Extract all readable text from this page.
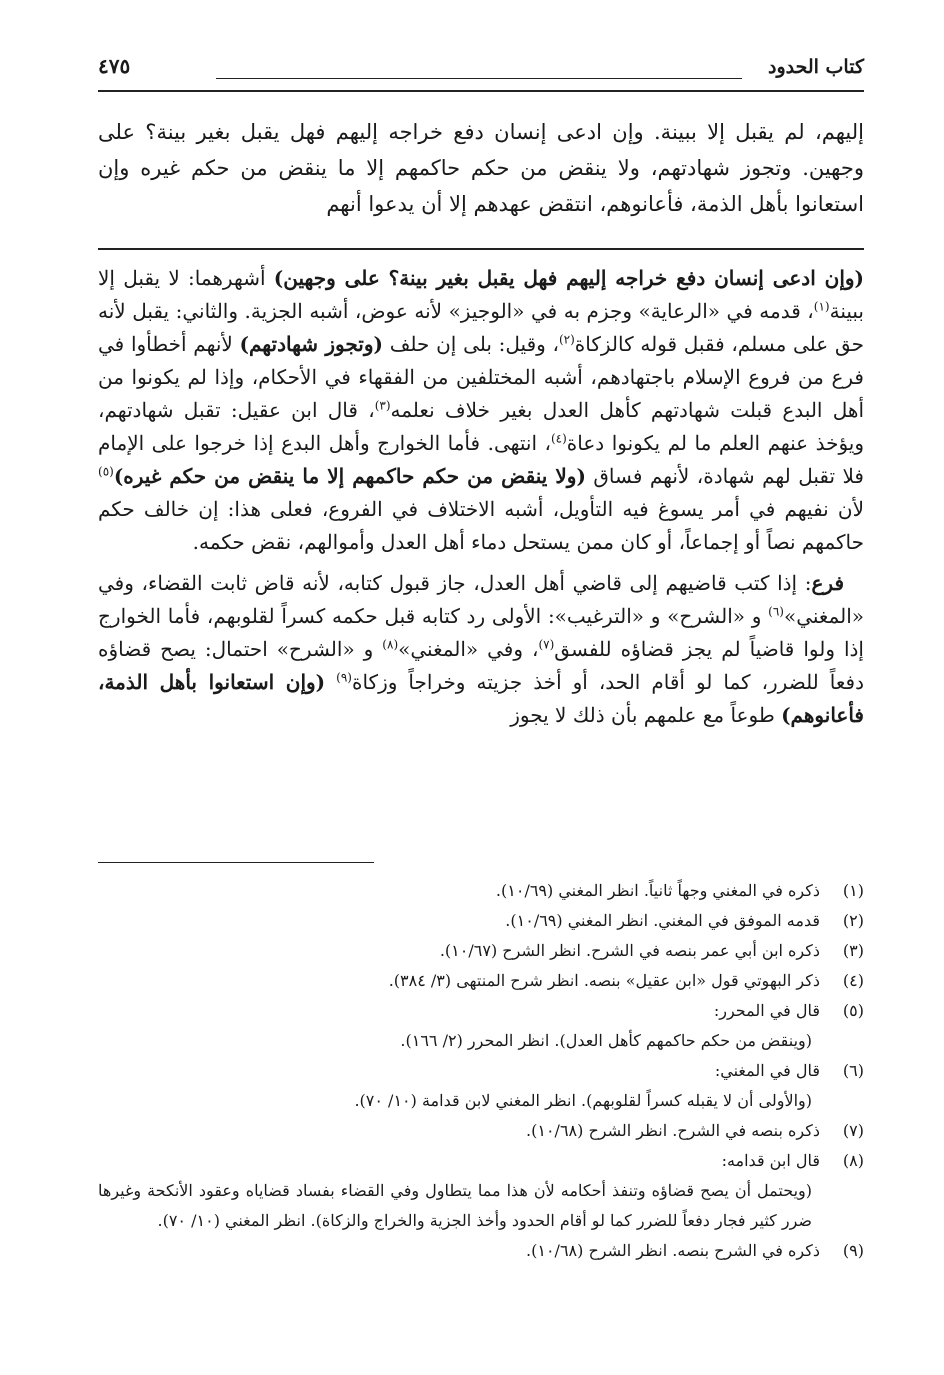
كتاب الحدود
٤٧٥
إليهم، لم يقبل إلا ببينة. وإن ادعى إنسان دفع خراجه إليهم فهل يقبل بغير بينة؟ على وجهين. وتجوز شهادتهم، ولا ينقض من حكم حاكمهم إلا ما ينقض من حكم غيره وإن استعانوا بأهل الذمة، فأعانوهم، انتقض عهدهم إلا أن يدعوا أنهم

(وإن ادعى إنسان دفع خراجه إليهم فهل يقبل بغير بينة؟ على وجهين) أشهرهما: لا يقبل إلا ببينة$^{(١)}$، قدمه في «الرعاية» وجزم به في «الوجيز» لأنه عوض، أشبه الجزية. والثاني: يقبل لأنه حق على مسلم، فقبل قوله كالزكاة$^{(٢)}$، وقيل: بلى إن حلف (وتجوز شهادتهم) لأنهم أخطأوا في فرع من فروع الإسلام باجتهادهم، أشبه المختلفين من الفقهاء في الأحكام، وإذا لم يكونوا من أهل البدع قبلت شهادتهم كأهل العدل بغير خلاف نعلمه$^{(٣)}$، قال ابن عقيل: تقبل شهادتهم، ويؤخذ عنهم العلم ما لم يكونوا دعاة$^{(٤)}$، انتهى. فأما الخوارج وأهل البدع إذا خرجوا على الإمام فلا تقبل لهم شهادة، لأنهم فساق (ولا ينقض من حكم حاكمهم إلا ما ينقض من حكم غيره)$^{(٥)}$ لأن نفيهم في أمر يسوغ فيه التأويل، أشبه الاختلاف في الفروع، فعلى هذا: إن خالف حكم حاكمهم نصاً أو إجماعاً، أو كان ممن يستحل دماء أهل العدل وأموالهم، نقض حكمه.

فرع: إذا كتب قاضيهم إلى قاضي أهل العدل، جاز قبول كتابه، لأنه قاض ثابت القضاء، وفي «المغني»$^{(٦)}$ و «الشرح» و «الترغيب»: الأولى رد كتابه قبل حكمه كسراً لقلوبهم، فأما الخوارج إذا ولوا قاضياً لم يجز قضاؤه للفسق$^{(٧)}$، وفي «المغني»$^{(٨)}$ و «الشرح» احتمال: يصح قضاؤه دفعاً للضرر، كما لو أقام الحد، أو أخذ جزيته وخراجاً وزكاة$^{(٩)}$ (وإن استعانوا بأهل الذمة، فأعانوهم) طوعاً مع علمهم بأن ذلك لا يجوز

(١)
ذكره في المغني وجهاً ثانياً. انظر المغني (١٠/٦٩).
(٢)
قدمه الموفق في المغني. انظر المغني (١٠/٦٩).
(٣)
ذكره ابن أبي عمر بنصه في الشرح. انظر الشرح (١٠/٦٧).
(٤)
ذكر البهوتي قول «ابن عقيل» بنصه. انظر شرح المنتهى (٣/ ٣٨٤).
(٥)
قال في المحرر:
(وينقض من حكم حاكمهم كأهل العدل). انظر المحرر (٢/ ١٦٦).
(٦)
قال في المغني:
(والأولى أن لا يقبله كسراً لقلوبهم). انظر المغني لابن قدامة (١٠/ ٧٠).
(٧)
ذكره بنصه في الشرح. انظر الشرح (١٠/٦٨).
(٨)
قال ابن قدامه:
(ويحتمل أن يصح قضاؤه وتنفذ أحكامه لأن هذا مما يتطاول وفي القضاء بفساد قضاياه وعقود الأنكحة وغيرها ضرر كثير فجار دفعاً للضرر كما لو أقام الحدود وأخذ الجزية والخراج والزكاة). انظر المغني (١٠/ ٧٠).
(٩)
ذكره في الشرح بنصه. انظر الشرح (١٠/٦٨).
